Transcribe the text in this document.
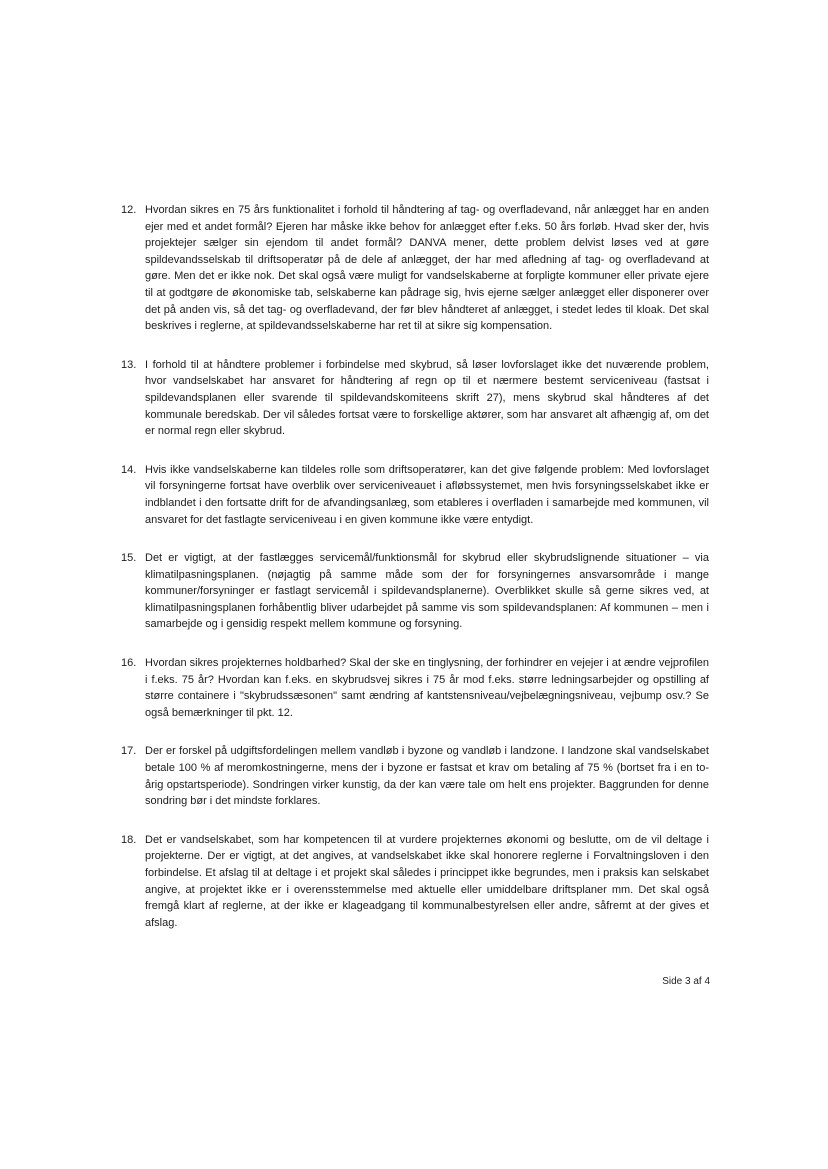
12. Hvordan sikres en 75 års funktionalitet i forhold til håndtering af tag- og overfladevand, når anlægget har en anden ejer med et andet formål? Ejeren har måske ikke behov for anlægget efter f.eks. 50 års forløb. Hvad sker der, hvis projektejer sælger sin ejendom til andet formål? DANVA mener, dette problem delvist løses ved at gøre spildevandsselskab til driftsoperatør på de dele af anlægget, der har med afledning af tag- og overfladevand at gøre. Men det er ikke nok. Det skal også være muligt for vandselskaberne at forpligte kommuner eller private ejere til at godtgøre de økonomiske tab, selskaberne kan pådrage sig, hvis ejerne sælger anlægget eller disponerer over det på anden vis, så det tag- og overfladevand, der før blev håndteret af anlægget, i stedet ledes til kloak. Det skal beskrives i reglerne, at spildevandsselskaberne har ret til at sikre sig kompensation.
13. I forhold til at håndtere problemer i forbindelse med skybrud, så løser lovforslaget ikke det nuværende problem, hvor vandselskabet har ansvaret for håndtering af regn op til et nærmere bestemt serviceniveau (fastsat i spildevandsplanen eller svarende til spildevandskomiteens skrift 27), mens skybrud skal håndteres af det kommunale beredskab. Der vil således fortsat være to forskellige aktører, som har ansvaret alt afhængig af, om det er normal regn eller skybrud.
14. Hvis ikke vandselskaberne kan tildeles rolle som driftsoperatører, kan det give følgende problem: Med lovforslaget vil forsyningerne fortsat have overblik over serviceniveauet i afløbssystemet, men hvis forsyningsselskabet ikke er indblandet i den fortsatte drift for de afvandingsanlæg, som etableres i overfladen i samarbejde med kommunen, vil ansvaret for det fastlagte serviceniveau i en given kommune ikke være entydigt.
15. Det er vigtigt, at der fastlægges servicemål/funktionsmål for skybrud eller skybrudslignende situationer – via klimatilpasningsplanen. (nøjagtig på samme måde som der for forsyningernes ansvarsområde i mange kommuner/forsyninger er fastlagt servicemål i spildevandsplanerne). Overblikket skulle så gerne sikres ved, at klimatilpasningsplanen forhåbentlig bliver udarbejdet på samme vis som spildevandsplanen: Af kommunen – men i samarbejde og i gensidig respekt mellem kommune og forsyning.
16. Hvordan sikres projekternes holdbarhed? Skal der ske en tinglysning, der forhindrer en vejejer i at ændre vejprofilen i f.eks. 75 år? Hvordan kan f.eks. en skybrudsvej sikres i 75 år mod f.eks. større ledningsarbejder og opstilling af større containere i "skybrudssæsonen" samt ændring af kantstensniveau/vejbelægningsniveau, vejbump osv.? Se også bemærkninger til pkt. 12.
17. Der er forskel på udgiftsfordelingen mellem vandløb i byzone og vandløb i landzone. I landzone skal vandselskabet betale 100 % af meromkostningerne, mens der i byzone er fastsat et krav om betaling af 75 % (bortset fra i en to-årig opstartsperiode). Sondringen virker kunstig, da der kan være tale om helt ens projekter. Baggrunden for denne sondring bør i det mindste forklares.
18. Det er vandselskabet, som har kompetencen til at vurdere projekternes økonomi og beslutte, om de vil deltage i projekterne. Der er vigtigt, at det angives, at vandselskabet ikke skal honorere reglerne i Forvaltningsloven i den forbindelse. Et afslag til at deltage i et projekt skal således i princippet ikke begrundes, men i praksis kan selskabet angive, at projektet ikke er i overensstemmelse med aktuelle eller umiddelbare driftsplaner mm. Det skal også fremgå klart af reglerne, at der ikke er klageadgang til kommunalbestyrelsen eller andre, såfremt at der gives et afslag.
Side 3 af 4
